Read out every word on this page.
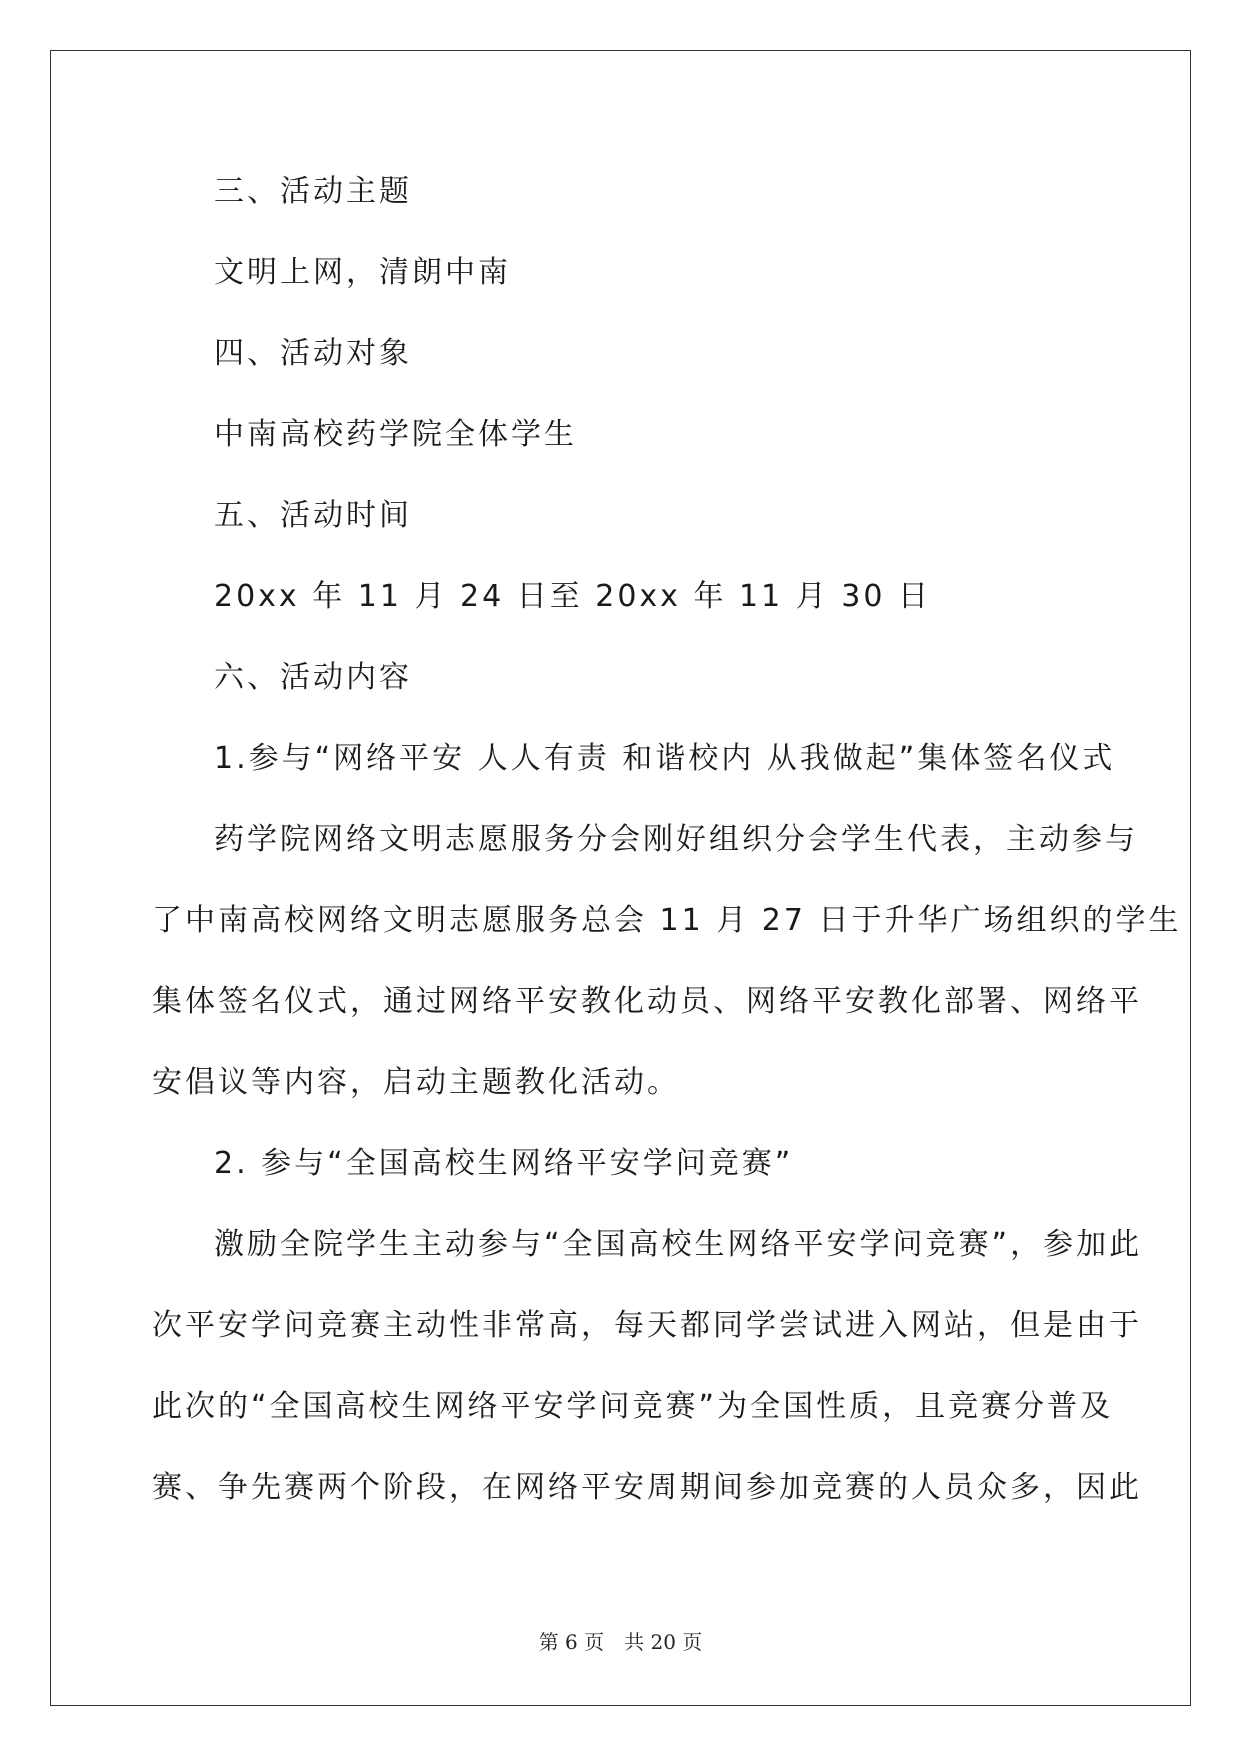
三、活动主题
文明上网，清朗中南
四、活动对象
中南高校药学院全体学生
五、活动时间
20xx 年 11 月 24 日至 20xx 年 11 月 30 日
六、活动内容
1.参与“网络平安 人人有责 和谐校内 从我做起”集体签名仪式
药学院网络文明志愿服务分会刚好组织分会学生代表，主动参与
了中南高校网络文明志愿服务总会 11 月 27 日于升华广场组织的学生
集体签名仪式，通过网络平安教化动员、网络平安教化部署、网络平
安倡议等内容，启动主题教化活动。
2. 参与“全国高校生网络平安学问竞赛”
激励全院学生主动参与“全国高校生网络平安学问竞赛”，参加此
次平安学问竞赛主动性非常高，每天都同学尝试进入网站，但是由于
此次的“全国高校生网络平安学问竞赛”为全国性质，且竞赛分普及
赛、争先赛两个阶段，在网络平安周期间参加竞赛的人员众多，因此
第 6 页　共 20 页
